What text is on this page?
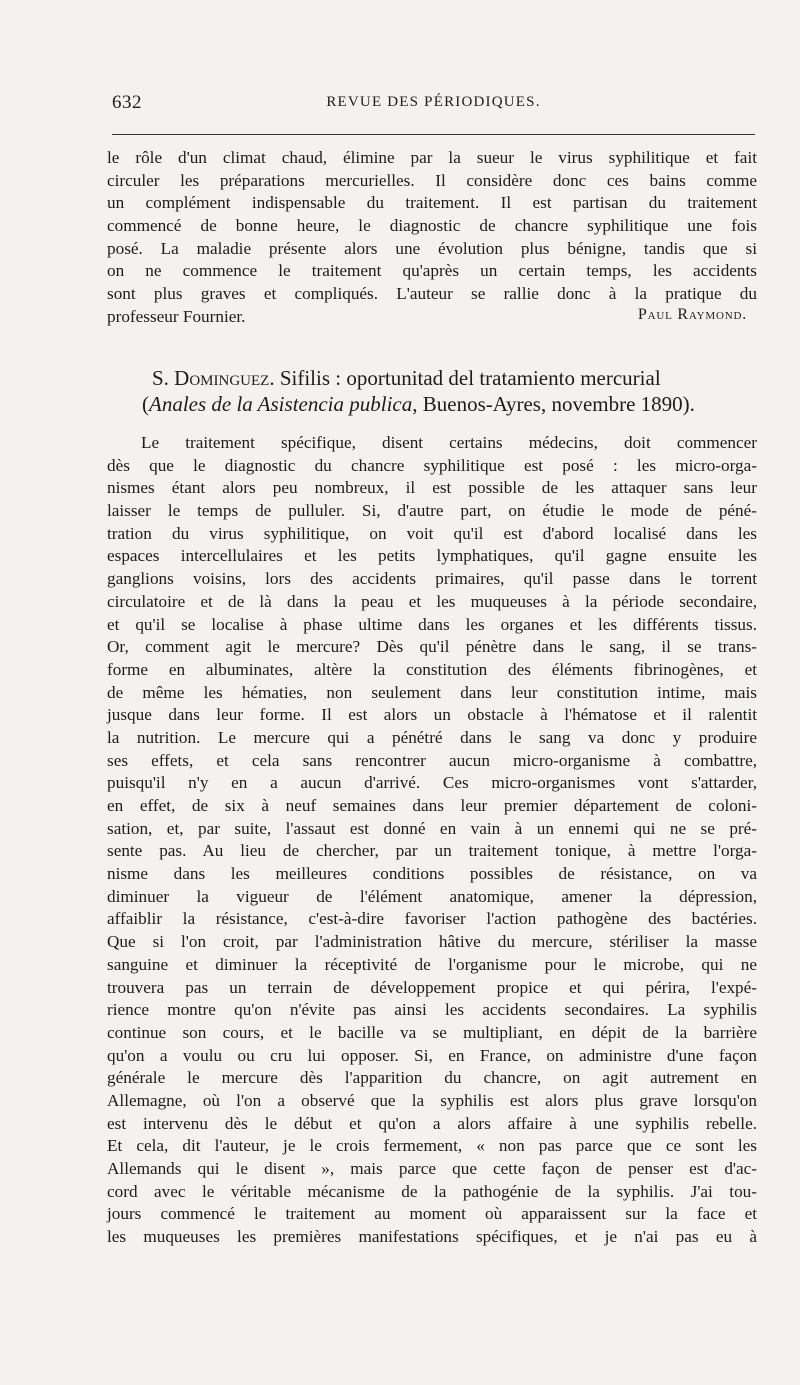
632	REVUE DES PÉRIODIQUES.
le rôle d'un climat chaud, élimine par la sueur le virus syphilitique et fait
circuler les préparations mercurielles. Il considère donc ces bains comme
un complément indispensable du traitement. Il est partisan du traitement
commencé de bonne heure, le diagnostic de chancre syphilitique une fois
posé. La maladie présente alors une évolution plus bénigne, tandis que si
on ne commence le traitement qu'après un certain temps, les accidents
sont plus graves et compliqués. L'auteur se rallie donc à la pratique du
professeur Fournier.	Paul Raymond.
S. Dominguez. Sifilis : oportunitad del tratamiento mercurial
(Anales de la Asistencia publica, Buenos-Ayres, novembre 1890).
Le traitement spécifique, disent certains médecins, doit commencer
dès que le diagnostic du chancre syphilitique est posé : les micro-orga-
nismes étant alors peu nombreux, il est possible de les attaquer sans leur
laisser le temps de pulluler. Si, d'autre part, on étudie le mode de péné-
tration du virus syphilitique, on voit qu'il est d'abord localisé dans les
espaces intercellulaires et les petits lymphatiques, qu'il gagne ensuite les
ganglions voisins, lors des accidents primaires, qu'il passe dans le torrent
circulatoire et de là dans la peau et les muqueuses à la période secondaire,
et qu'il se localise à phase ultime dans les organes et les différents tissus.
Or, comment agit le mercure? Dès qu'il pénètre dans le sang, il se trans-
forme en albuminates, altère la constitution des éléments fibrinogènes, et
de même les hématies, non seulement dans leur constitution intime, mais
jusque dans leur forme. Il est alors un obstacle à l'hématose et il ralentit
la nutrition. Le mercure qui a pénétré dans le sang va donc y produire
ses effets, et cela sans rencontrer aucun micro-organisme à combattre,
puisqu'il n'y en a aucun d'arrivé. Ces micro-organismes vont s'attarder,
en effet, de six à neuf semaines dans leur premier département de coloni-
sation, et, par suite, l'assaut est donné en vain à un ennemi qui ne se pré-
sente pas. Au lieu de chercher, par un traitement tonique, à mettre l'orga-
nisme dans les meilleures conditions possibles de résistance, on va
diminuer la vigueur de l'élément anatomique, amener la dépression,
affaiblir la résistance, c'est-à-dire favoriser l'action pathogène des bactéries.
Que si l'on croit, par l'administration hâtive du mercure, stériliser la masse
sanguine et diminuer la réceptivité de l'organisme pour le microbe, qui ne
trouvera pas un terrain de développement propice et qui périra, l'expé-
rience montre qu'on n'évite pas ainsi les accidents secondaires. La syphilis
continue son cours, et le bacille va se multipliant, en dépit de la barrière
qu'on a voulu ou cru lui opposer. Si, en France, on administre d'une façon
générale le mercure dès l'apparition du chancre, on agit autrement en
Allemagne, où l'on a observé que la syphilis est alors plus grave lorsqu'on
est intervenu dès le début et qu'on a alors affaire à une syphilis rebelle.
Et cela, dit l'auteur, je le crois fermement, « non pas parce que ce sont les
Allemands qui le disent », mais parce que cette façon de penser est d'ac-
cord avec le véritable mécanisme de la pathogénie de la syphilis. J'ai tou-
jours commencé le traitement au moment où apparaissent sur la face et
les muqueuses les premières manifestations spécifiques, et je n'ai pas eu à
